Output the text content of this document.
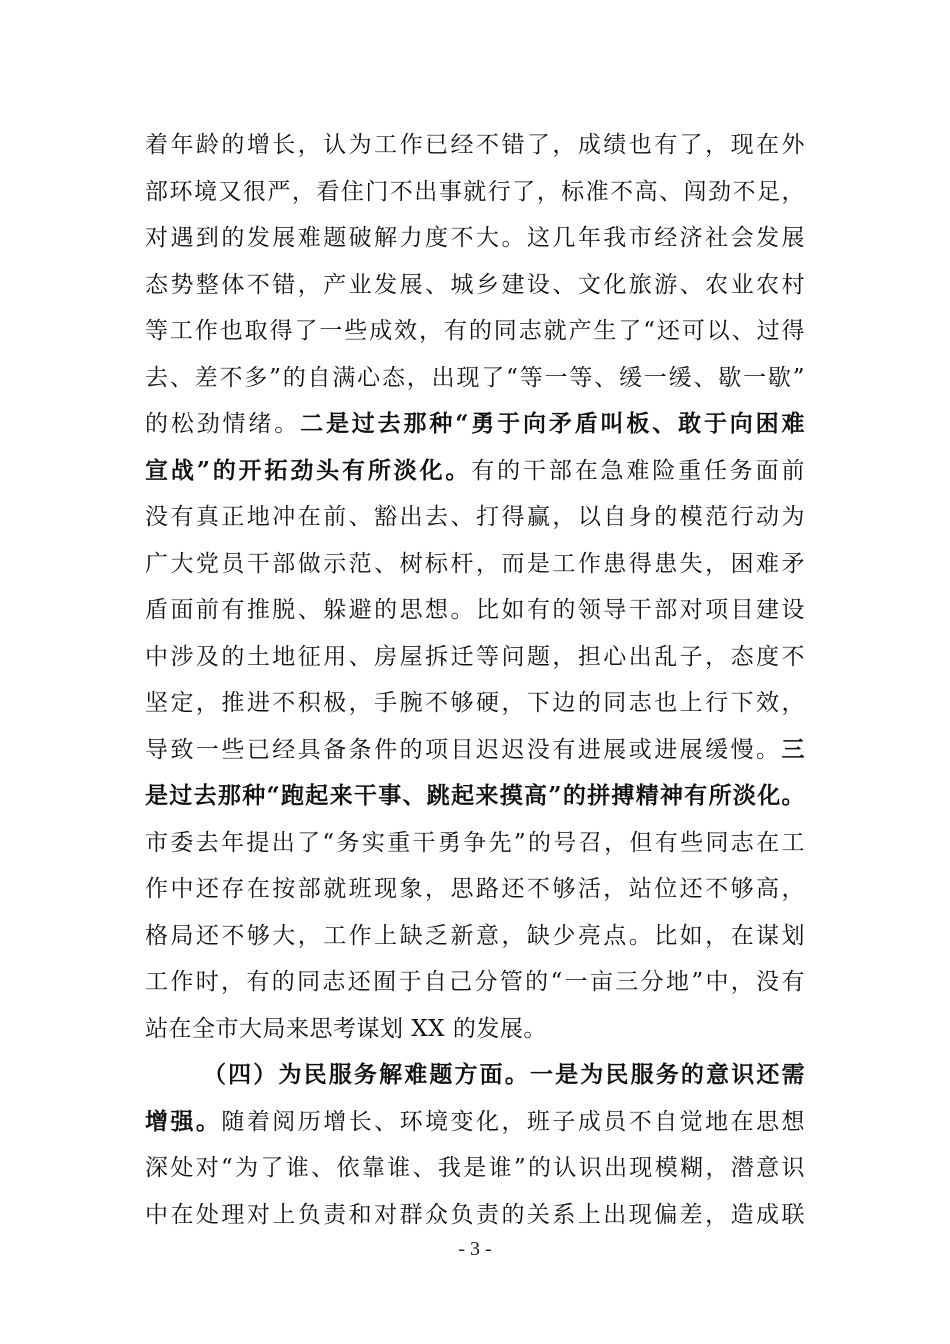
着年龄的增长，认为工作已经不错了，成绩也有了，现在外
部环境又很严，看住门不出事就行了，标准不高、闯劲不足，
对遇到的发展难题破解力度不大。这几年我市经济社会发展
态势整体不错，产业发展、城乡建设、文化旅游、农业农村
等工作也取得了一些成效，有的同志就产生了“还可以、过得
去、差不多”的自满心态，出现了“等一等、缓一缓、歇一歇”
的松劲情绪。二是过去那种“勇于向矛盾叫板、敢于向困难
宣战”的开拓劲头有所淡化。有的干部在急难险重任务面前
没有真正地冲在前、豁出去、打得赢，以自身的模范行动为
广大党员干部做示范、树标杆，而是工作患得患失，困难矛
盾面前有推脱、躲避的思想。比如有的领导干部对项目建设
中涉及的土地征用、房屋拆迁等问题，担心出乱子，态度不
坚定，推进不积极，手腕不够硬，下边的同志也上行下效，
导致一些已经具备条件的项目迟迟没有进展或进展缓慢。三
是过去那种“跑起来干事、跳起来摸高”的拼搏精神有所淡化。
市委去年提出了“务实重干勇争先”的号召，但有些同志在工
作中还存在按部就班现象，思路还不够活，站位还不够高，
格局还不够大，工作上缺乏新意，缺少亮点。比如，在谋划
工作时，有的同志还囿于自己分管的“一亩三分地”中，没有
站在全市大局来思考谋划 XX 的发展。
（四）为民服务解难题方面。一是为民服务的意识还需
增强。随着阅历增长、环境变化，班子成员不自觉地在思想
深处对“为了谁、依靠谁、我是谁”的认识出现模糊，潜意识
中在处理对上负责和对群众负责的关系上出现偏差，造成联
- 3 -
